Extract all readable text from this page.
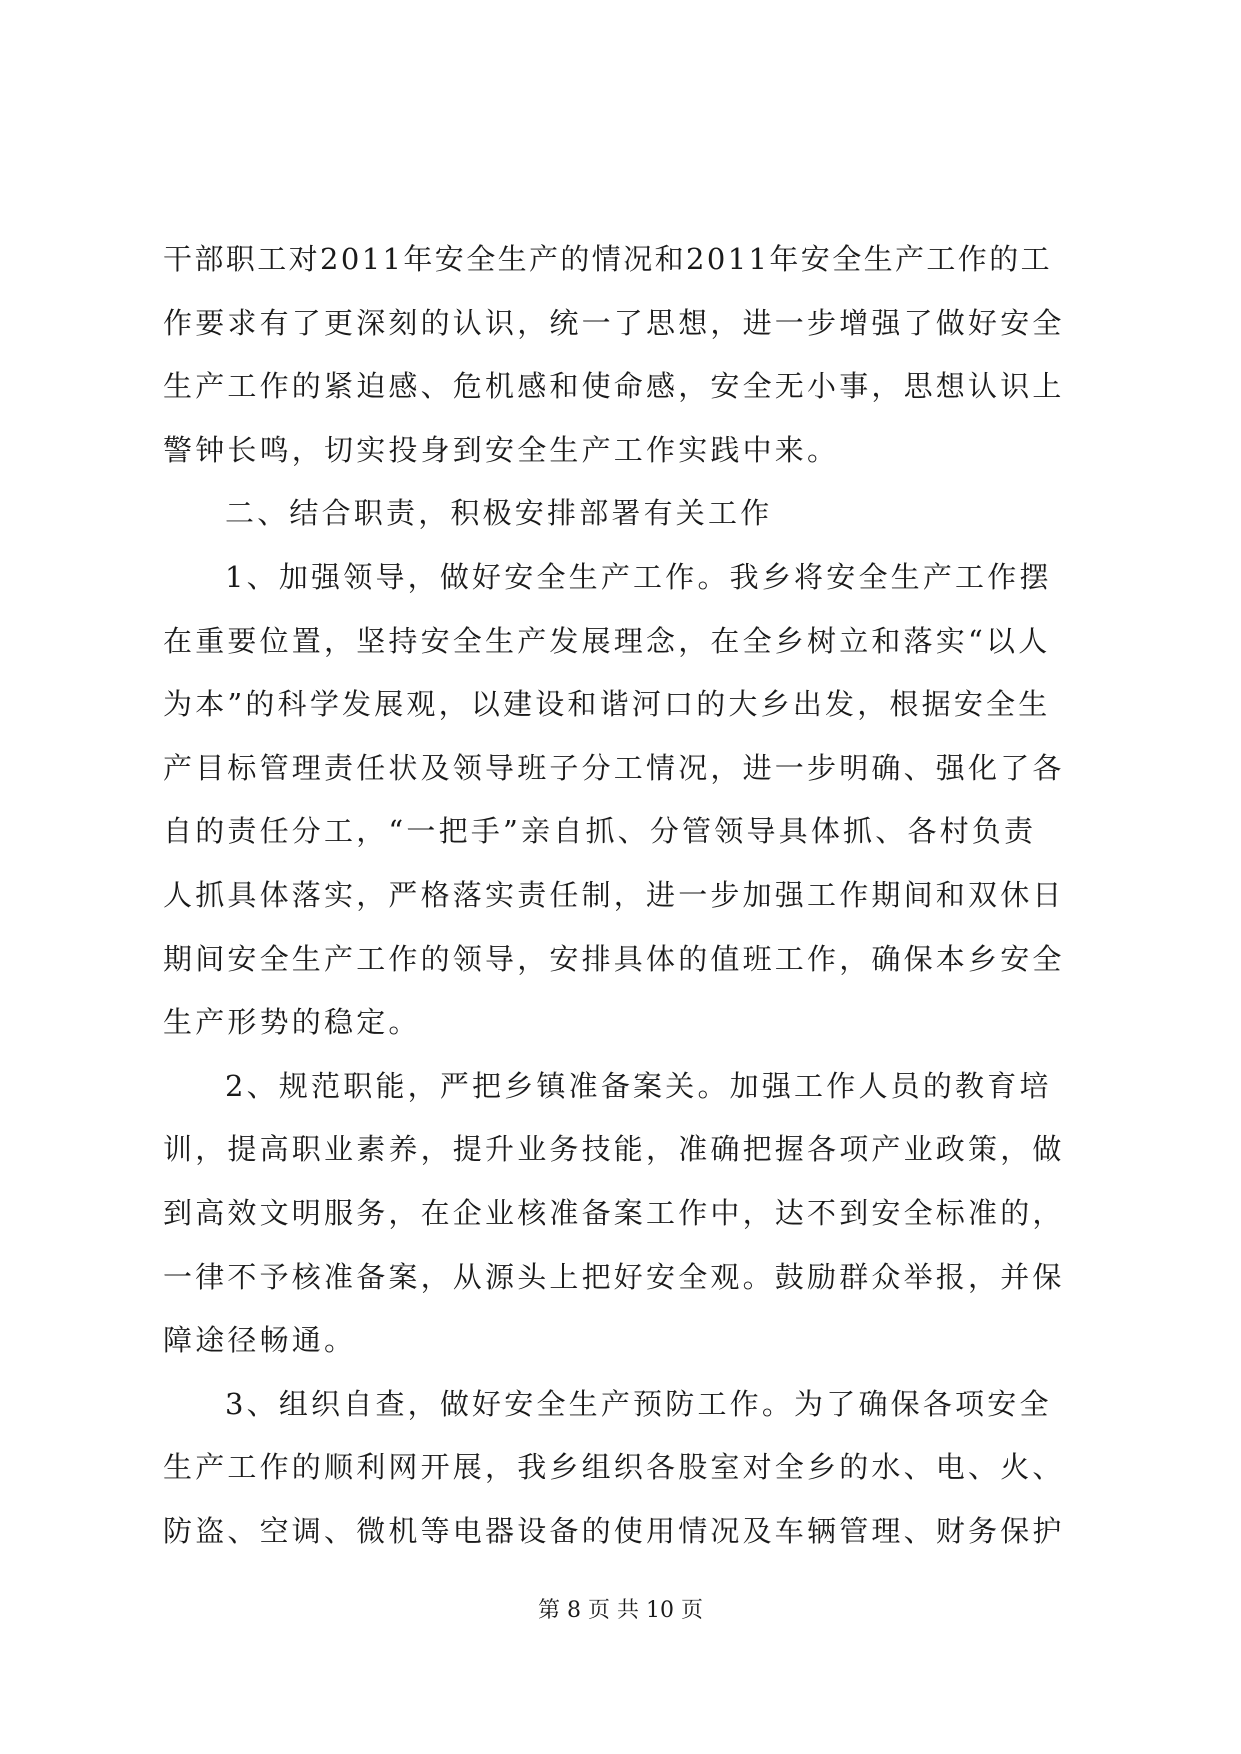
干部职工对2011年安全生产的情况和2011年安全生产工作的工
作要求有了更深刻的认识，统一了思想，进一步增强了做好安全
生产工作的紧迫感、危机感和使命感，安全无小事，思想认识上
警钟长鸣，切实投身到安全生产工作实践中来。
二、结合职责，积极安排部署有关工作
1、加强领导，做好安全生产工作。我乡将安全生产工作摆
在重要位置，坚持安全生产发展理念，在全乡树立和落实“以人
为本”的科学发展观，以建设和谐河口的大乡出发，根据安全生
产目标管理责任状及领导班子分工情况，进一步明确、强化了各
自的责任分工，“一把手”亲自抓、分管领导具体抓、各村负责
人抓具体落实，严格落实责任制，进一步加强工作期间和双休日
期间安全生产工作的领导，安排具体的值班工作，确保本乡安全
生产形势的稳定。
2、规范职能，严把乡镇准备案关。加强工作人员的教育培
训，提高职业素养，提升业务技能，准确把握各项产业政策，做
到高效文明服务，在企业核准备案工作中，达不到安全标准的，
一律不予核准备案，从源头上把好安全观。鼓励群众举报，并保
障途径畅通。
3、组织自查，做好安全生产预防工作。为了确保各项安全
生产工作的顺利网开展，我乡组织各股室对全乡的水、电、火、
防盗、空调、微机等电器设备的使用情况及车辆管理、财务保护
第 8 页 共 10 页
